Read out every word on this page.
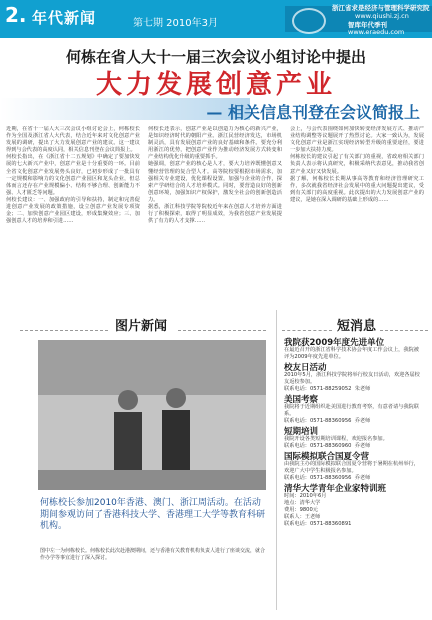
2. 年代新闻	第七期 2010年3月
浙江省求是经济与管理科学研究院
www.qiushi.zj.cn
智库年代季刊
www.eraedu.com
何栋在省人大十一届三次会议小组讨论中提出
大力发展创意产业
— 相关信息刊登在会议简报上
近期，在省十一届人大三次会议小组讨论会上，何栋校长作为全国及浙江省人大代表，结合近年来对文化创意产业发展的调研，提出了大力发展创意产业的建议。这一建议得到与会代表的高度认同，相关信息刊登在会议简报上。
何校长指出，在《浙江省十二五规划》中确定了要加快发展的七大新兴产业中，创意产业是十分重要的一环。目前全省文化创意产业发展势头良好，已初步形成了一批具有一定规模和影响力的文化创意产业园区和龙头企业，但总体而言还存在产业规模偏小、结构不够合理、创新能力不强、人才匮乏等问题。
何校长建议：一、加强政府的引导和扶持，制定和完善促进创意产业发展的政策措施，设立创意产业发展专项资金；二、加快创意产业园区建设，形成集聚效应；三、加强创意人才的培养和引进……
何校长还表示，创意产业是以创造力为核心的新兴产业，是知识经济时代的朝阳产业。浙江民营经济发达，市场机制灵活，具有发展创意产业的良好基础和条件。要充分利用浙江的优势，把创意产业作为推动经济发展方式转变和产业结构优化升级的重要抓手。
她强调，创意产业的核心是人才，要大力培养既懂创意又懂经营管理的复合型人才。高等院校要根据市场需求，加强相关专业建设，优化课程设置，加强与企业的合作，探索产学研结合的人才培养模式。同时，要营造良好的创新创意环境，加强知识产权保护，激发全社会的创新创造活力。
据悉，浙江科技学院等院校近年来在创意人才培养方面进行了积极探索，取得了明显成效，为我省创意产业发展提供了有力的人才支撑……
会上，与会代表围绕如何加快转变经济发展方式、推动产业结构调整等议题展开了热烈讨论。大家一致认为，发展文化创意产业是浙江实现经济转型升级的重要途径，要进一步加大扶持力度。
何栋校长的建议引起了有关部门的重视，省政府相关部门负责人表示将认真研究，积极采纳代表意见，推动我省创意产业又好又快发展。
据了解，何栋校长长期从事高等教育和经济管理研究工作，多次就我省经济社会发展中的重大问题提出建议，受到有关部门的高度重视。此次提出的大力发展创意产业的建议，是她在深入调研的基础上形成的……
图片新闻
何栋校长参加2010年香港、澳门、浙江周活动。在活动期间参观访问了香港科技大学、香港理工大学等教育科研机构。
图中左一为何栋校长。何栋校长此次赴港澳期间，还与香港有关教育机构负责人进行了座谈交流，就合作办学等事宜进行了深入探讨。
短消息
我院获2009年度先进单位
在最近召开的浙江省科学技术协会年度工作会议上，我院被评为2009年度先进单位。
校友日活动
2010年5月，浙江科技学院将举行校友日活动，欢迎各届校友返校参加。
联系电话：0571-88259052  朱老师
美国考察
我院将于近期组织赴美国进行教育考察，有意者请与我院联系。
联系电话：0571-88360956  乔老师
短期培训
我院开设各类短期培训课程，欢迎报名参加。
联系电话：0571-88360960  乔老师
国际模拟联合国夏令营
由我院主办的国际模拟联合国夏令营将于暑期在杭州举行，欢迎广大中学生积极报名参加。
联系电话：0571-88360956  乔老师
清华大学青年企业家特训班
时间：2010年6月
地点：清华大学
费用：9800元
联系人：王老师
联系电话：0571-88360891
